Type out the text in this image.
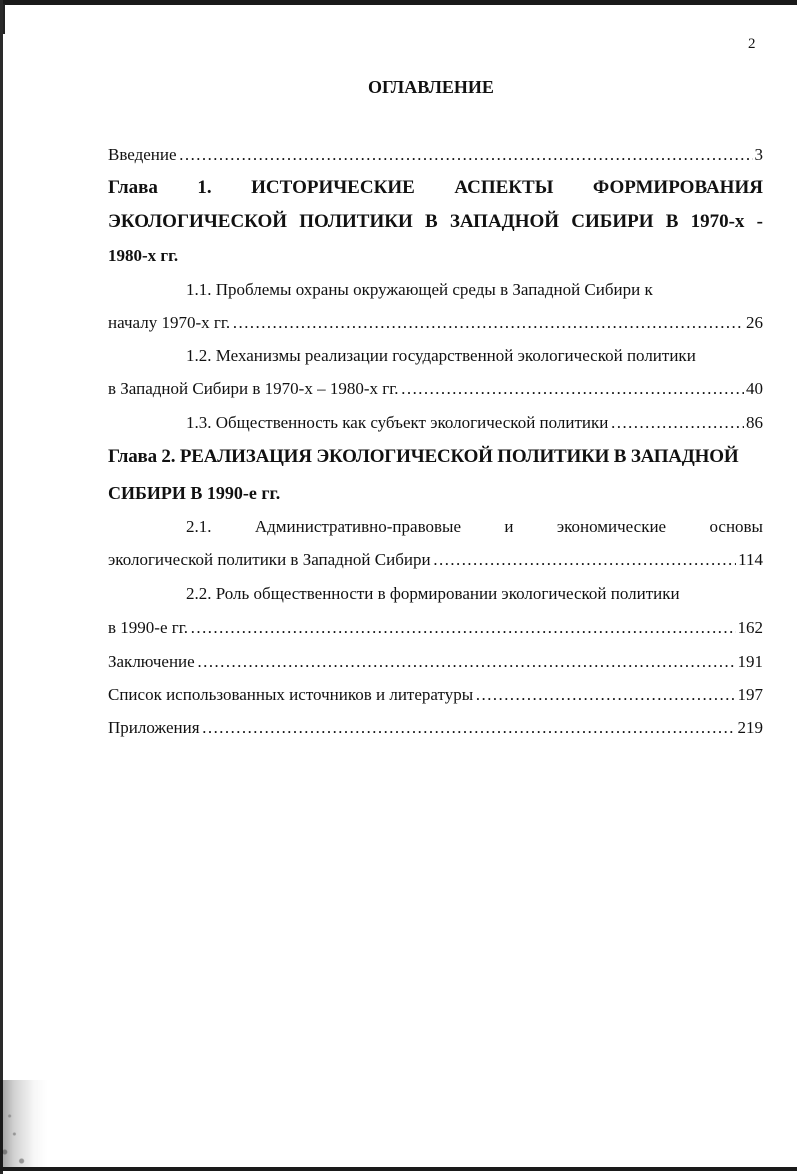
2
ОГЛАВЛЕНИЕ
Введение …………………………………………………………………………………………………………………………………………………………	3
Глава 1. ИСТОРИЧЕСКИЕ АСПЕКТЫ ФОРМИРОВАНИЯ
ЭКОЛОГИЧЕСКОЙ ПОЛИТИКИ В ЗАПАДНОЙ СИБИРИ В 1970-х -
1980-х гг.
1.1. Проблемы охраны окружающей среды в Западной Сибири к
началу 1970-х гг. …………………………………………………………………………………………………………………………………………………………	26
1.2. Механизмы реализации государственной экологической политики
в Западной Сибири в 1970-х – 1980-х гг. …………………………………………………………………………………………………………………………………………………………	40
1.3. Общественность как субъект экологической политики …………………………………………………………………………………………………………………………………………………………	86
Глава 2. РЕАЛИЗАЦИЯ ЭКОЛОГИЧЕСКОЙ ПОЛИТИКИ В ЗАПАДНОЙ
СИБИРИ В 1990-е гг.
2.1.	Административно-правовые	и	экономические	основы
экологической политики в Западной Сибири …………………………………………………………………………………………………………………………………………………………	114
2.2. Роль общественности в формировании экологической политики
в 1990-е гг. …………………………………………………………………………………………………………………………………………………………	162
Заключение …………………………………………………………………………………………………………………………………………………………	191
Список использованных источников и литературы …………………………………………………………………………………………………………………………………………………………	197
Приложения …………………………………………………………………………………………………………………………………………………………	219
